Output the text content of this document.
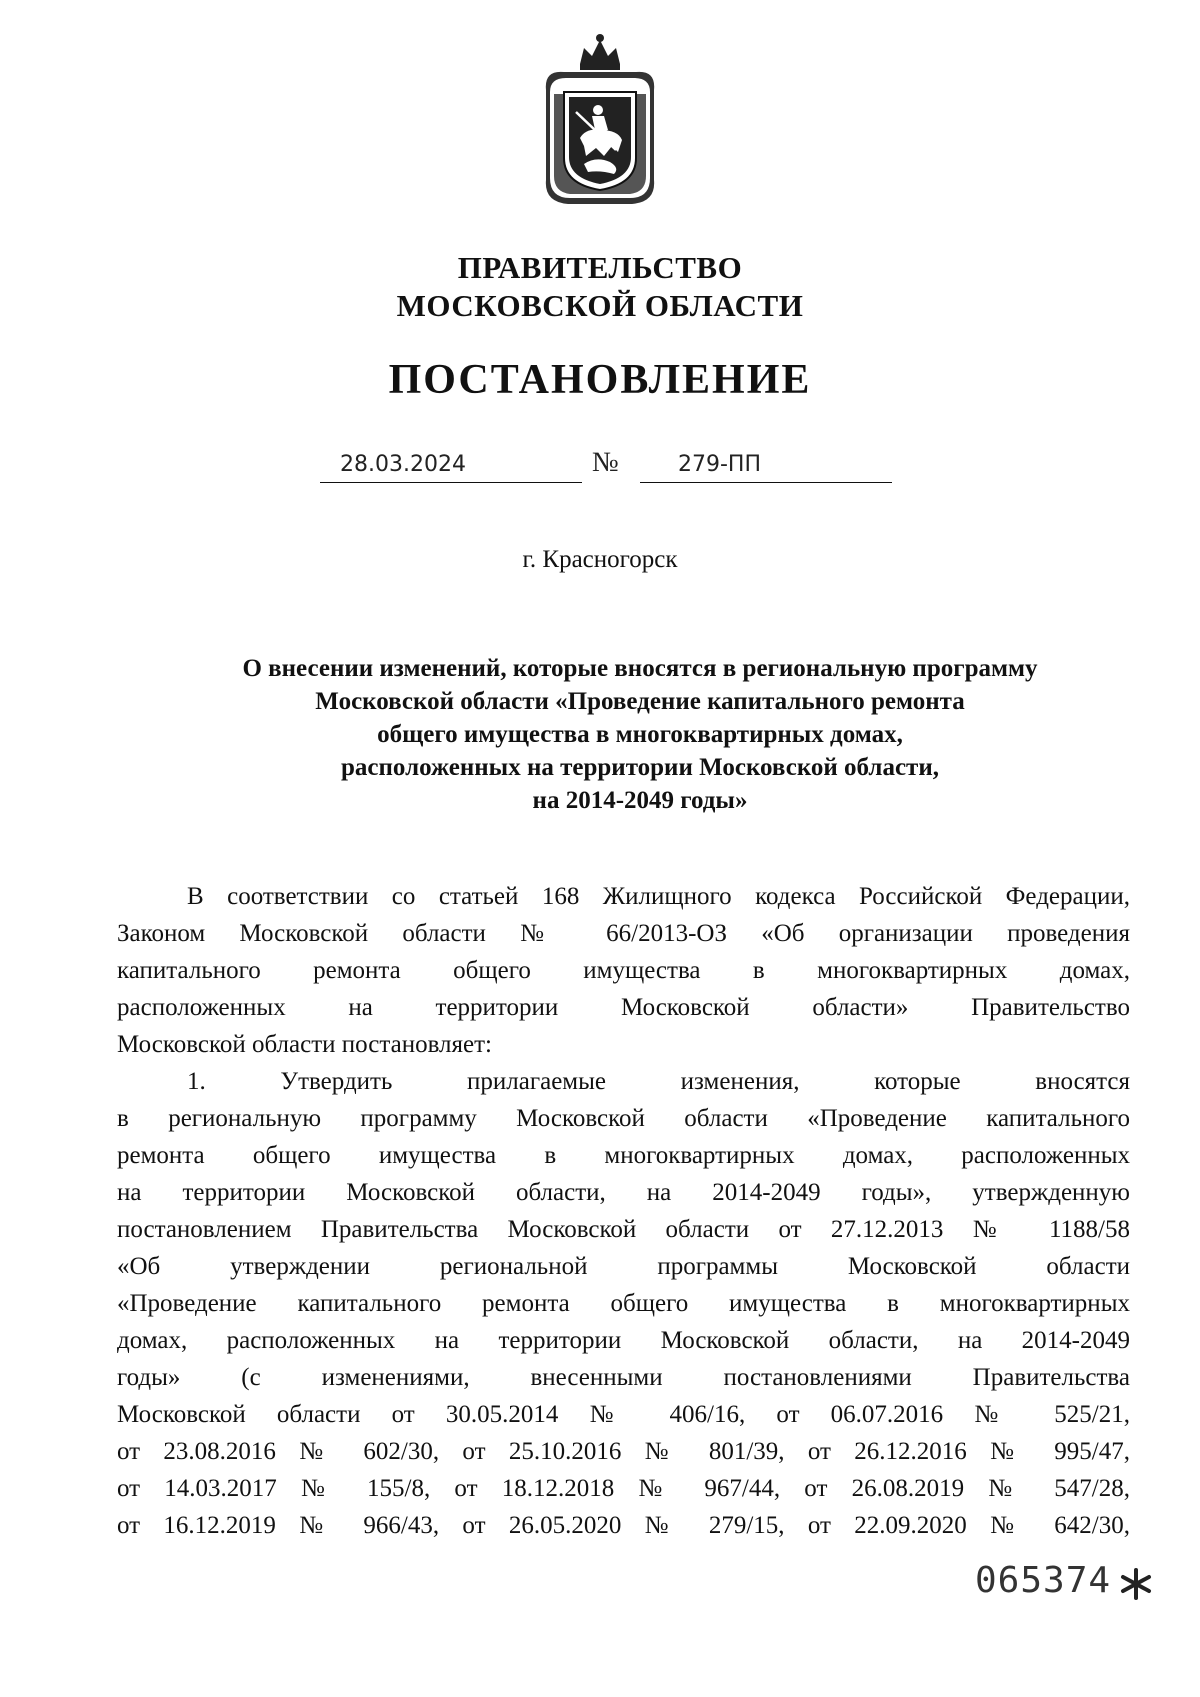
ПРАВИТЕЛЬСТВО
МОСКОВСКОЙ ОБЛАСТИ
ПОСТАНОВЛЕНИЕ
28.03.2024	№	279-ПП
г. Красногорск
О внесении изменений, которые вносятся в региональную программу
Московской области «Проведение капитального ремонта
общего имущества в многоквартирных домах,
расположенных на территории Московской области,
на 2014-2049 годы»
В соответствии со статьей 168 Жилищного кодекса Российской Федерации,
Законом Московской области № 66/2013-ОЗ «Об организации проведения
капитального ремонта общего имущества в многоквартирных домах,
расположенных на территории Московской области» Правительство
Московской области постановляет:
1. Утвердить прилагаемые изменения, которые вносятся
в региональную программу Московской области «Проведение капитального
ремонта общего имущества в многоквартирных домах, расположенных
на территории Московской области, на 2014-2049 годы», утвержденную
постановлением Правительства Московской области от 27.12.2013 № 1188/58
«Об утверждении региональной программы Московской области
«Проведение капитального ремонта общего имущества в многоквартирных
домах, расположенных на территории Московской области, на 2014-2049
годы» (с изменениями, внесенными постановлениями Правительства
Московской области от 30.05.2014 № 406/16, от 06.07.2016 № 525/21,
от 23.08.2016 № 602/30, от 25.10.2016 № 801/39, от 26.12.2016 № 995/47,
от 14.03.2017 № 155/8, от 18.12.2018 № 967/44, от 26.08.2019 № 547/28,
от 16.12.2019 № 966/43, от 26.05.2020 № 279/15, от 22.09.2020 № 642/30,
065374
